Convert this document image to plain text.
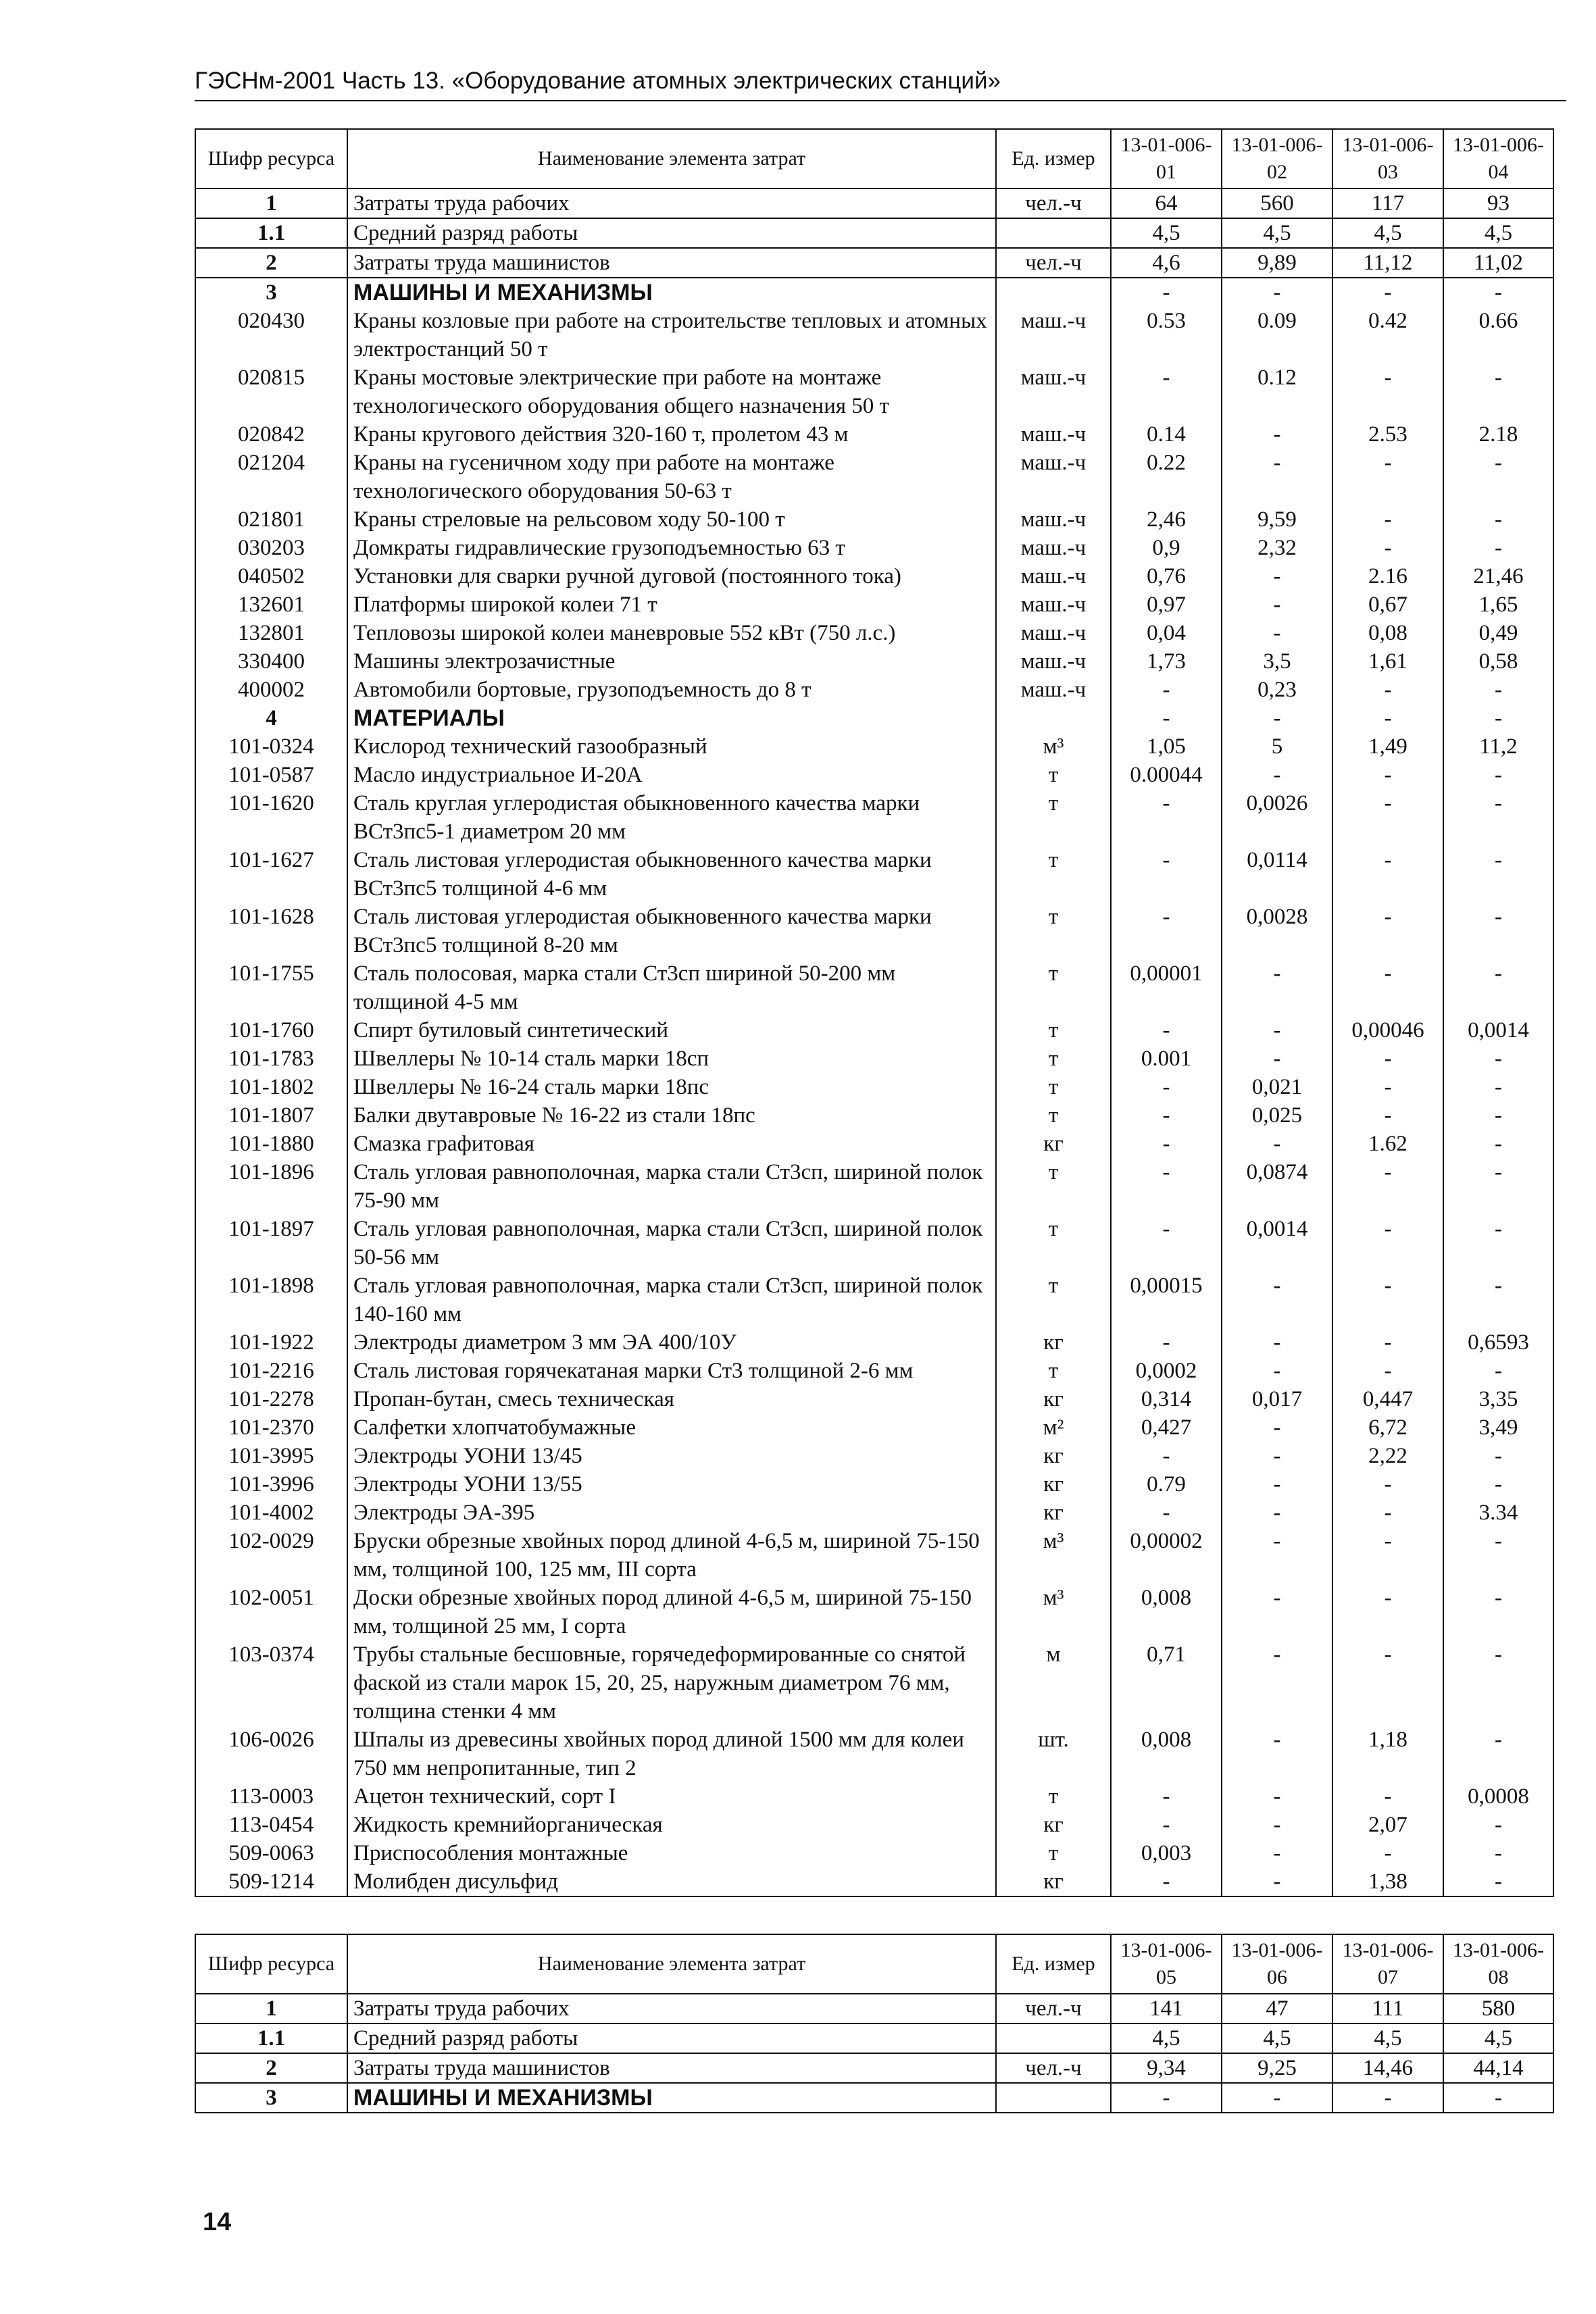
ГЭСНм-2001 Часть 13. «Оборудование атомных электрических станций»
Шифр ресурса	Наименование элемента затрат	Ед. измер	13-01-006-01	13-01-006-02	13-01-006-03	13-01-006-04
1	Затраты труда рабочих	чел.-ч	64	560	117	93
1.1	Средний разряд работы		4,5	4,5	4,5	4,5
2	Затраты труда машинистов	чел.-ч	4,6	9,89	11,12	11,02
3	МАШИНЫ И МЕХАНИЗМЫ		-	-	-	-
020430	Краны козловые при работе на строительстве тепловых и атомных электростанций 50 т	маш.-ч	0.53	0.09	0.42	0.66
020815	Краны мостовые электрические при работе на монтаже технологического оборудования общего назначения 50 т	маш.-ч	-	0.12	-	-
020842	Краны кругового действия 320-160 т, пролетом 43 м	маш.-ч	0.14	-	2.53	2.18
021204	Краны на гусеничном ходу при работе на монтаже технологического оборудования 50-63 т	маш.-ч	0.22	-	-	-
021801	Краны стреловые на рельсовом ходу 50-100 т	маш.-ч	2,46	9,59	-	-
030203	Домкраты гидравлические грузоподъемностью 63 т	маш.-ч	0,9	2,32	-	-
040502	Установки для сварки ручной дуговой (постоянного тока)	маш.-ч	0,76	-	2.16	21,46
132601	Платформы широкой колеи 71 т	маш.-ч	0,97	-	0,67	1,65
132801	Тепловозы широкой колеи маневровые 552 кВт (750 л.с.)	маш.-ч	0,04	-	0,08	0,49
330400	Машины электрозачистные	маш.-ч	1,73	3,5	1,61	0,58
400002	Автомобили бортовые, грузоподъемность до 8 т	маш.-ч	-	0,23	-	-
4	МАТЕРИАЛЫ		-	-	-	-
101-0324	Кислород технический газообразный	м³	1,05	5	1,49	11,2
101-0587	Масло индустриальное И-20А	т	0.00044	-	-	-
101-1620	Сталь круглая углеродистая обыкновенного качества марки ВСт3пс5-1 диаметром 20 мм	т	-	0,0026	-	-
101-1627	Сталь листовая углеродистая обыкновенного качества марки ВСт3пс5 толщиной 4-6 мм	т	-	0,0114	-	-
101-1628	Сталь листовая углеродистая обыкновенного качества марки ВСт3пс5 толщиной 8-20 мм	т	-	0,0028	-	-
101-1755	Сталь полосовая, марка стали Ст3сп шириной 50-200 мм толщиной 4-5 мм	т	0,00001	-	-	-
101-1760	Спирт бутиловый синтетический	т	-	-	0,00046	0,0014
101-1783	Швеллеры № 10-14 сталь марки 18сп	т	0.001	-	-	-
101-1802	Швеллеры № 16-24 сталь марки 18пс	т	-	0,021	-	-
101-1807	Балки двутавровые № 16-22 из стали 18пс	т	-	0,025	-	-
101-1880	Смазка графитовая	кг	-	-	1.62	-
101-1896	Сталь угловая равнополочная, марка стали Ст3сп, шириной полок 75-90 мм	т	-	0,0874	-	-
101-1897	Сталь угловая равнополочная, марка стали Ст3сп, шириной полок 50-56 мм	т	-	0,0014	-	-
101-1898	Сталь угловая равнополочная, марка стали Ст3сп, шириной полок 140-160 мм	т	0,00015	-	-	-
101-1922	Электроды диаметром 3 мм ЭА 400/10У	кг	-	-	-	0,6593
101-2216	Сталь листовая горячекатаная марки Ст3 толщиной 2-6 мм	т	0,0002	-	-	-
101-2278	Пропан-бутан, смесь техническая	кг	0,314	0,017	0,447	3,35
101-2370	Салфетки хлопчатобумажные	м²	0,427	-	6,72	3,49
101-3995	Электроды УОНИ 13/45	кг	-	-	2,22	-
101-3996	Электроды УОНИ 13/55	кг	0.79	-	-	-
101-4002	Электроды ЭА-395	кг	-	-	-	3.34
102-0029	Бруски обрезные хвойных пород длиной 4-6,5 м, шириной 75-150 мм, толщиной 100, 125 мм, III сорта	м³	0,00002	-	-	-
102-0051	Доски обрезные хвойных пород длиной 4-6,5 м, шириной 75-150 мм, толщиной 25 мм, I сорта	м³	0,008	-	-	-
103-0374	Трубы стальные бесшовные, горячедеформированные со снятой фаской из стали марок 15, 20, 25, наружным диаметром 76 мм, толщина стенки 4 мм	м	0,71	-	-	-
106-0026	Шпалы из древесины хвойных пород длиной 1500 мм для колеи 750 мм непропитанные, тип 2	шт.	0,008	-	1,18	-
113-0003	Ацетон технический, сорт I	т	-	-	-	0,0008
113-0454	Жидкость кремнийорганическая	кг	-	-	2,07	-
509-0063	Приспособления монтажные	т	0,003	-	-	-
509-1214	Молибден дисульфид	кг	-	-	1,38	-
Шифр ресурса	Наименование элемента затрат	Ед. измер	13-01-006-05	13-01-006-06	13-01-006-07	13-01-006-08
1	Затраты труда рабочих	чел.-ч	141	47	111	580
1.1	Средний разряд работы		4,5	4,5	4,5	4,5
2	Затраты труда машинистов	чел.-ч	9,34	9,25	14,46	44,14
3	МАШИНЫ И МЕХАНИЗМЫ		-	-	-	-
14
